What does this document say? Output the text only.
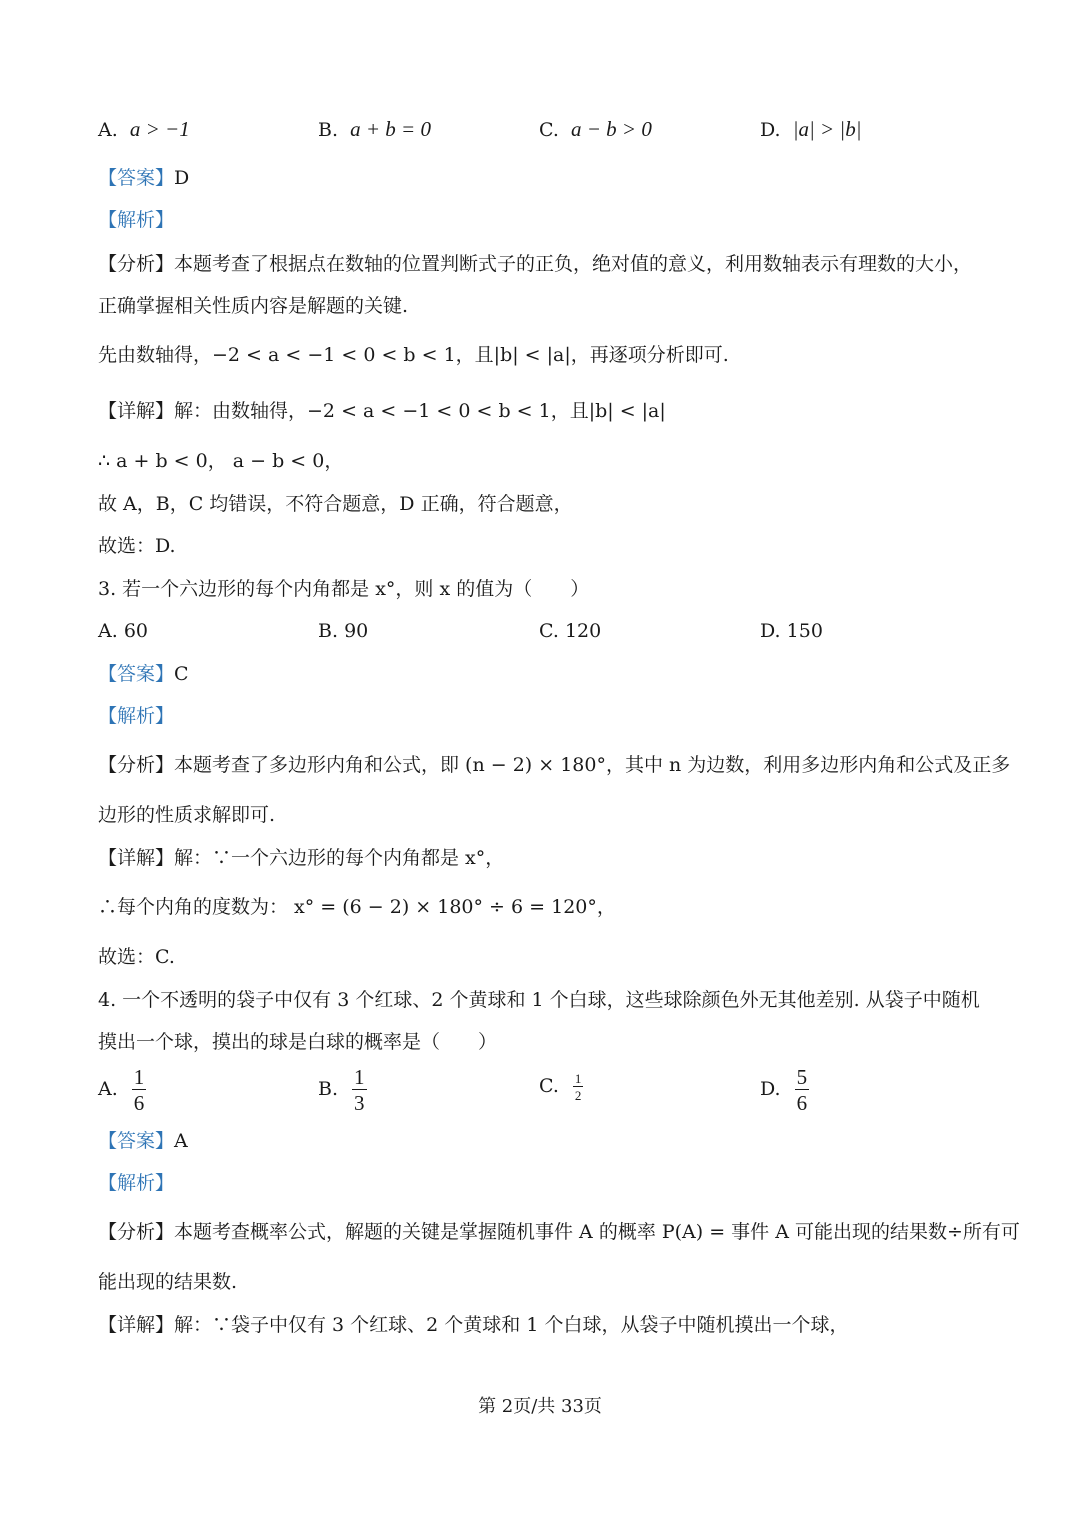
A. a > −1	B. a + b = 0	C. a − b > 0	D. |a| > |b|
【答案】D
【解析】
【分析】本题考查了根据点在数轴的位置判断式子的正负，绝对值的意义，利用数轴表示有理数的大小，
正确掌握相关性质内容是解题的关键.
先由数轴得，−2 < a < −1 < 0 < b < 1，且|b| < |a|，再逐项分析即可.
【详解】解：由数轴得，−2 < a < −1 < 0 < b < 1，且|b| < |a|
∴ a + b < 0， a − b < 0，
故 A，B，C 均错误，不符合题意，D 正确，符合题意，
故选：D.
3. 若一个六边形的每个内角都是 x°，则 x 的值为（　　）
A. 60	B. 90	C. 120	D. 150
【答案】C
【解析】
【分析】本题考查了多边形内角和公式，即 (n − 2) × 180°，其中 n 为边数，利用多边形内角和公式及正多
边形的性质求解即可.
【详解】解：∵一个六边形的每个内角都是 x°，
∴每个内角的度数为： x° = (6 − 2) × 180° ÷ 6 = 120°，
故选：C.
4. 一个不透明的袋子中仅有 3 个红球、2 个黄球和 1 个白球，这些球除颜色外无其他差别. 从袋子中随机
摸出一个球，摸出的球是白球的概率是（　　）
A. $\frac{1}{6}$	B. $\frac{1}{3}$	C. $\frac{1}{2}$	D. $\frac{5}{6}$
【答案】A
【解析】
【分析】本题考查概率公式，解题的关键是掌握随机事件 A 的概率 P(A) = 事件 A 可能出现的结果数÷所有可
能出现的结果数.
【详解】解：∵袋子中仅有 3 个红球、2 个黄球和 1 个白球，从袋子中随机摸出一个球，
第 2页/共 33页
